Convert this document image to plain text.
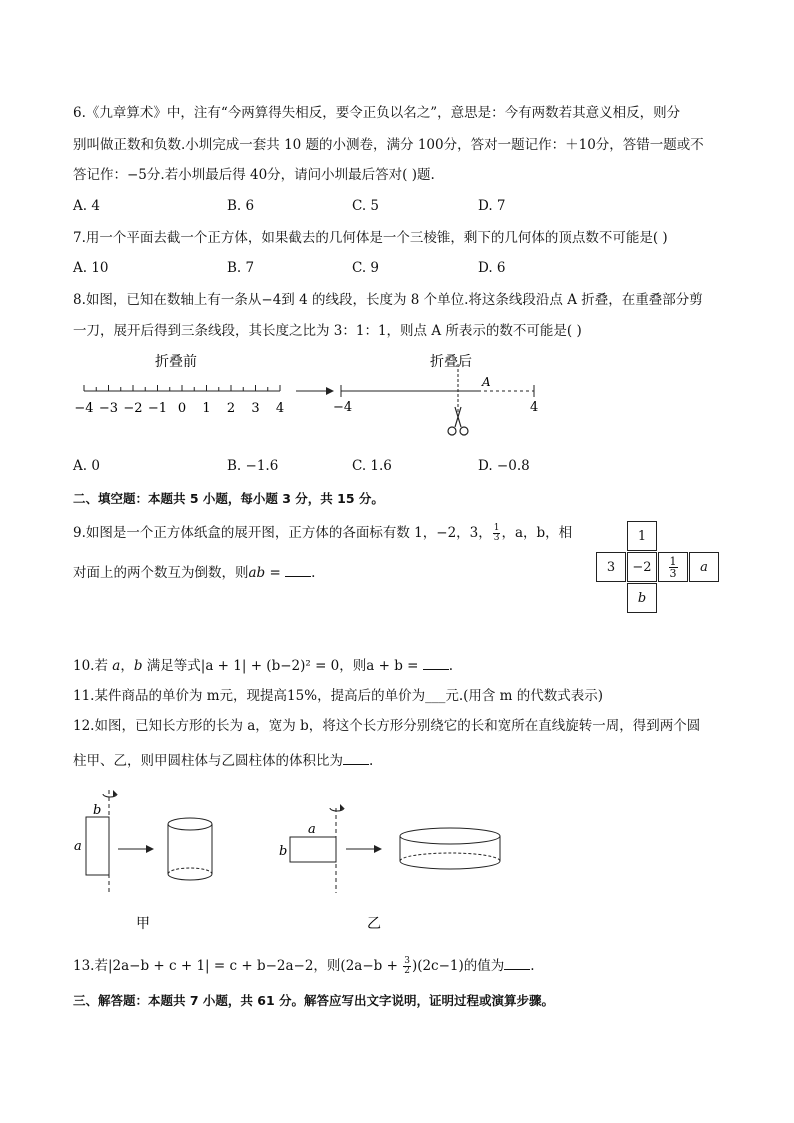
6.《九章算术》中，注有“今两算得失相反，要令正负以名之”，意思是：今有两数若其意义相反，则分
别叫做正数和负数.小圳完成一套共 10 题的小测卷，满分 100分，答对一题记作：＋10分，答错一题或不
答记作：−5分.若小圳最后得 40分，请问小圳最后答对( )题.
A. 4	B. 6	C. 5	D. 7
7.用一个平面去截一个正方体，如果截去的几何体是一个三棱锥，剩下的几何体的顶点数不可能是( )
A. 10	B. 7	C. 9	D. 6
8.如图，已知在数轴上有一条从−4到 4 的线段，长度为 8 个单位.将这条线段沿点 A 折叠，在重叠部分剪
一刀，展开后得到三条线段，其长度之比为 3：1：1，则点 A 所表示的数不可能是( )
折叠前
−4 −3 −2 −1 0 1 2 3 4
折叠后
A
−4	4
A. 0	B. −1.6	C. 1.6	D. −0.8
二、填空题：本题共 5 小题，每小题 3 分，共 15 分。
9.如图是一个正方体纸盒的展开图，正方体的各面标有数 1，−2，3， $\frac{1}{3}$ ，a，b，相
对面上的两个数互为倒数，则ab = .
1
3	−2	$\frac{1}{3}$	a
b
10.若 a，b 满足等式|a + 1| + (b−2)² = 0，则a + b = .
11.某件商品的单价为 m元，现提高15%，提高后的单价为___元.(用含 m 的代数式表示)
12.如图，已知长方形的长为 a，宽为 b，将这个长方形分别绕它的长和宽所在直线旋转一周，得到两个圆
柱甲、乙，则甲圆柱体与乙圆柱体的体积比为 .
b
a
甲
a
b
乙
13.若|2a−b + c + 1| = c + b−2a−2，则$(2a-b + \frac{3}{2} )(2c-1)$的值为 .
三、解答题：本题共 7 小题，共 61 分。解答应写出文字说明，证明过程或演算步骤。
